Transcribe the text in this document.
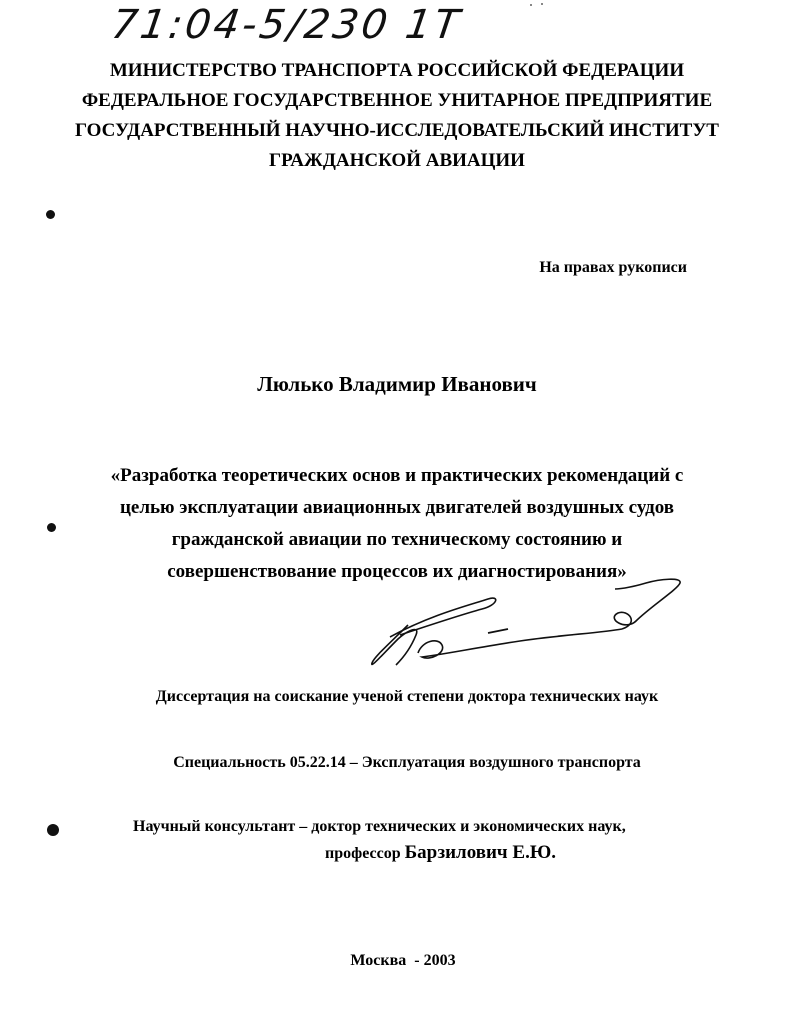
71:04-5/230 1Т
МИНИСТЕРСТВО ТРАНСПОРТА РОССИЙСКОЙ ФЕДЕРАЦИИ
ФЕДЕРАЛЬНОЕ ГОСУДАРСТВЕННОЕ УНИТАРНОЕ ПРЕДПРИЯТИЕ
ГОСУДАРСТВЕННЫЙ НАУЧНО-ИССЛЕДОВАТЕЛЬСКИЙ ИНСТИТУТ
ГРАЖДАНСКОЙ АВИАЦИИ
На правах рукописи
Люлько Владимир Иванович
«Разработка теоретических основ и практических рекомендаций с
целью эксплуатации авиационных двигателей воздушных судов
гражданской авиации по техническому состоянию и
совершенствование процессов их диагностирования»
Диссертация на соискание ученой степени доктора технических наук
Специальность 05.22.14 – Эксплуатация воздушного транспорта
Научный консультант – доктор технических и экономических наук,
профессор Барзилович Е.Ю.
Москва  - 2003
